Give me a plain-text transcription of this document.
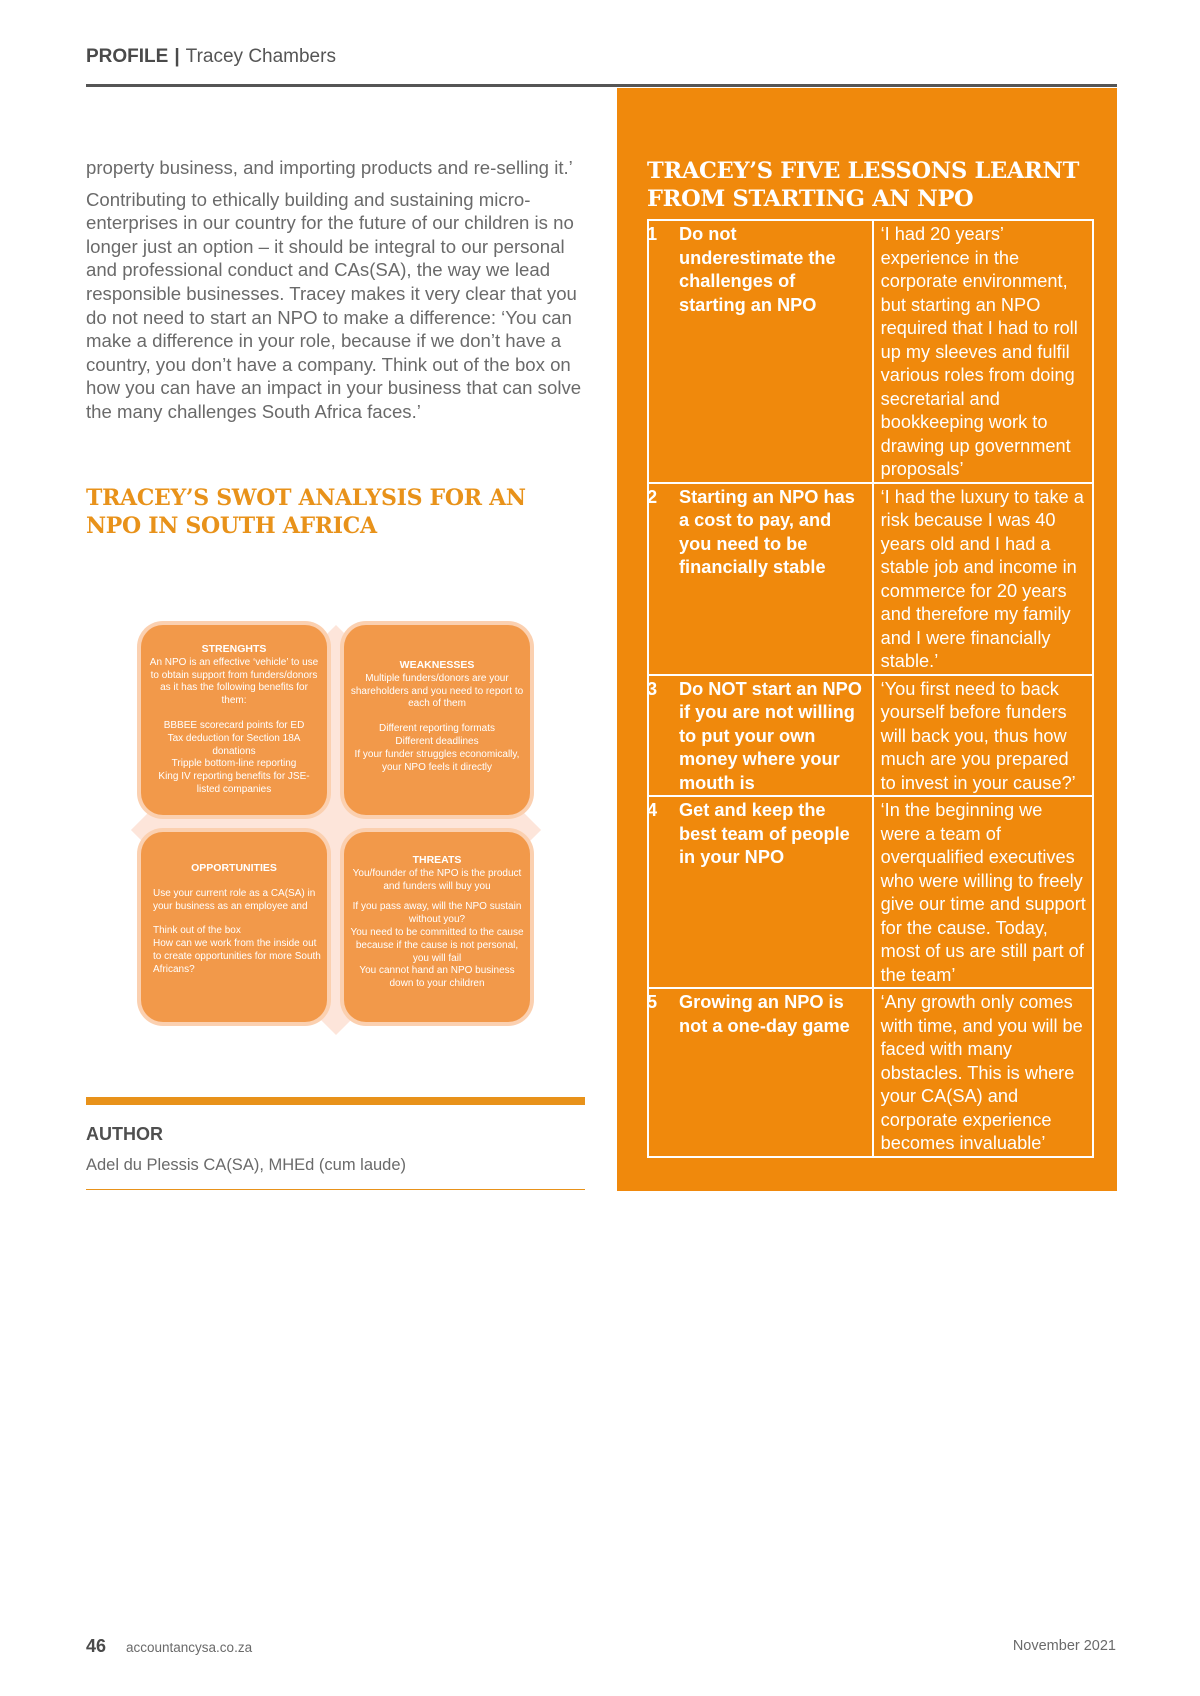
PROFILE | Tracey Chambers

property business, and importing products and re-selling it.’

Contributing to ethically building and sustaining micro-enterprises in our country for the future of our children is no longer just an option – it should be integral to our personal and professional conduct and CAs(SA), the way we lead responsible businesses. Tracey makes it very clear that you do not need to start an NPO to make a difference: ‘You can make a difference in your role, because if we don’t have a country, you don’t have a company. Think out of the box on how you can have an impact in your business that can solve the many challenges South Africa faces.’

TRACEY’S SWOT ANALYSIS FOR AN NPO IN SOUTH AFRICA
STRENGHTS
An NPO is an effective ‘vehicle’ to use to obtain support from funders/donors as it has the following benefits for them:
BBBEE scorecard points for ED
Tax deduction for Section 18A donations
Tripple bottom-line reporting
King IV reporting benefits for JSE-listed companies
WEAKNESSES
Multiple funders/donors are your shareholders and you need to report to each of them
Different reporting formats
Different deadlines
If your funder struggles economically, your NPO feels it directly
OPPORTUNITIES
Use your current role as a CA(SA) in your business as an employee and
Think out of the box
How can we work from the inside out to create opportunities for more South Africans?
THREATS
You/founder of the NPO is the product and funders will buy you
If you pass away, will the NPO sustain without you?
You need to be committed to the cause because if the cause is not personal, you will fail
You cannot hand an NPO business down to your children
AUTHOR
Adel du Plessis CA(SA), MHEd (cum laude)
TRACEY’S FIVE LESSONS LEARNT FROM STARTING AN NPO
1 Do not underestimate the challenges of starting an NPO	‘I had 20 years’ experience in the corporate environment, but starting an NPO required that I had to roll up my sleeves and fulfil various roles from doing secretarial and bookkeeping work to drawing up government proposals’

2 Starting an NPO has a cost to pay, and you need to be financially stable	‘I had the luxury to take a risk because I was 40 years old and I had a stable job and income in commerce for 20 years and therefore my family and I were financially stable.’

3 Do NOT start an NPO if you are not willing to put your own money where your mouth is	‘You first need to back yourself before funders will back you, thus how much are you prepared to invest in your cause?’

4 Get and keep the best team of people in your NPO	‘In the beginning we were a team of overqualified executives who were willing to freely give our time and support for the cause. Today, most of us are still part of the team’

5 Growing an NPO is not a one-day game	‘Any growth only comes with time, and you will be faced with many obstacles. This is where your CA(SA) and corporate experience becomes invaluable’
46 accountancysa.co.za	November 2021
